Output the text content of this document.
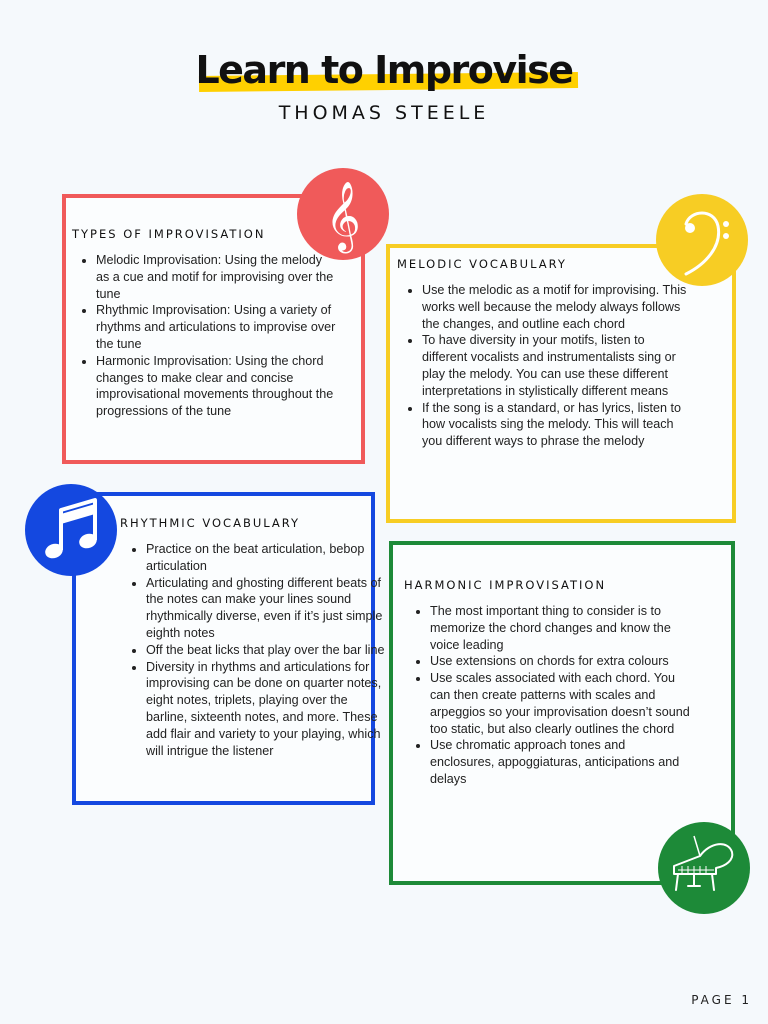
Learn to Improvise
THOMAS STEELE
TYPES OF IMPROVISATION
• Melodic Improvisation: Using the melody as a cue and motif for improvising over the tune
• Rhythmic Improvisation: Using a variety of rhythms and articulations to improvise over the tune
• Harmonic Improvisation: Using the chord changes to make clear and concise improvisational movements throughout the progressions of the tune
𝄞
MELODIC VOCABULARY
• Use the melodic as a motif for improvising. This works well because the melody always follows the changes, and outline each chord
• To have diversity in your motifs, listen to different vocalists and instrumentalists sing or play the melody. You can use these different interpretations in stylistically different means
• If the song is a standard, or has lyrics, listen to how vocalists sing the melody. This will teach you different ways to phrase the melody
RHYTHMIC VOCABULARY
• Practice on the beat articulation, bebop articulation
• Articulating and ghosting different beats of the notes can make your lines sound rhythmically diverse, even if it’s just simple eighth notes
• Off the beat licks that play over the bar line
• Diversity in rhythms and articulations for improvising can be done on quarter notes, eight notes, triplets, playing over the barline, sixteenth notes, and more. These add flair and variety to your playing, which will intrigue the listener
HARMONIC IMPROVISATION
• The most important thing to consider is to memorize the chord changes and know the voice leading
• Use extensions on chords for extra colours
• Use scales associated with each chord. You can then create patterns with scales and arpeggios so your improvisation doesn’t sound too static, but also clearly outlines the chord
• Use chromatic approach tones and enclosures, appoggiaturas, anticipations and delays
PAGE 1
